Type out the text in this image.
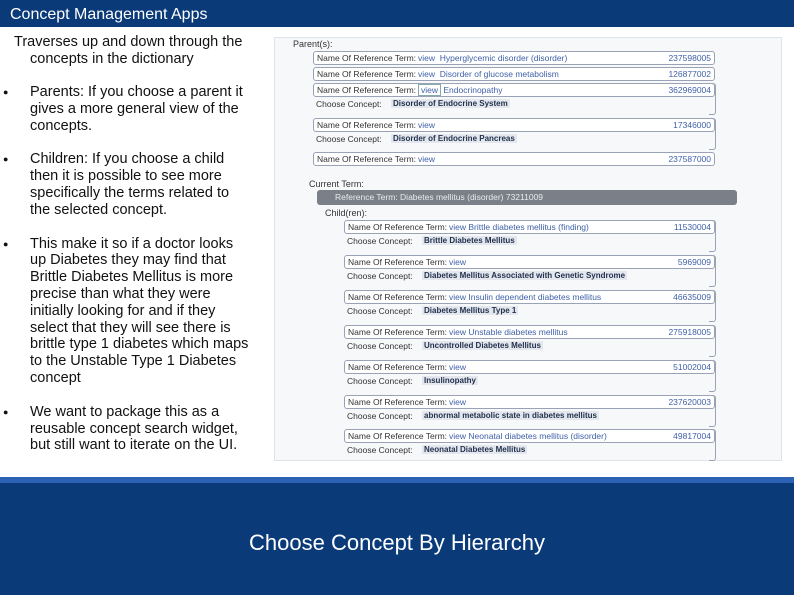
Concept Management Apps
Traverses up and down through the concepts in the dictionary
● Parents: If you choose a parent it gives a more general view of the concepts.
● Children: If you choose a child then it is possible to see more specifically the terms related to the selected concept.
● This make it so if a doctor looks up Diabetes they may find that Brittle Diabetes Mellitus is more precise than what they were initially looking for and if they select that they will see there is brittle type 1 diabetes which maps to the Unstable Type 1 Diabetes concept
● We want to package this as a reusable concept search widget, but still want to iterate on the UI.
Parent(s):
Name Of Reference Term: view Hyperglycemic disorder (disorder)	237598005
Name Of Reference Term: view Disorder of glucose metabolism	126877002
Name Of Reference Term: view Endocrinopathy	362969004
Choose Concept: Disorder of Endocrine System
Name Of Reference Term: view	17346000
Choose Concept: Disorder of Endocrine Pancreas
Name Of Reference Term: view	237587000
Current Term:
Reference Term: Diabetes mellitus (disorder) 73211009
Child(ren):
Name Of Reference Term: view Brittle diabetes mellitus (finding)	11530004
Choose Concept: Brittle Diabetes Mellitus
Name Of Reference Term: view	5969009
Choose Concept: Diabetes Mellitus Associated with Genetic Syndrome
Name Of Reference Term: view Insulin dependent diabetes mellitus	46635009
Choose Concept: Diabetes Mellitus Type 1
Name Of Reference Term: view Unstable diabetes mellitus	275918005
Choose Concept: Uncontrolled Diabetes Mellitus
Name Of Reference Term: view	51002004
Choose Concept: Insulinopathy
Name Of Reference Term: view	237620003
Choose Concept: abnormal metabolic state in diabetes mellitus
Name Of Reference Term: view Neonatal diabetes mellitus (disorder)	49817004
Choose Concept: Neonatal Diabetes Mellitus
Choose Concept By Hierarchy
